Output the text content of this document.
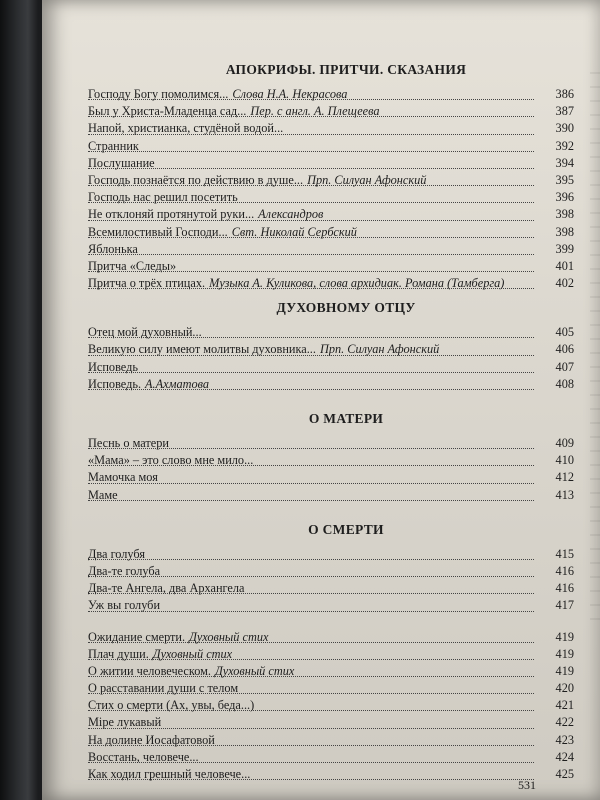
АПОКРИФЫ. ПРИТЧИ. СКАЗАНИЯ
Господу Богу помолимся... Слова Н.А. Некрасова	386
Был у Христа-Младенца сад... Пер. с англ. А. Плещеева	387
Напой, христианка, студёной водой...	390
Странник	392
Послушание	394
Господь познаётся по действию в душе... Прп. Силуан Афонский	395
Господь нас решил посетить	396
Не отклоняй протянутой руки... Александров	398
Всемилостивый Господи... Свт. Николай Сербский	398
Яблонька	399
Притча «Следы»	401
Притча о трёх птицах. Музыка А. Куликова, слова архидиак. Романа (Тамберга)	402
ДУХОВНОМУ ОТЦУ
Отец мой духовный...	405
Великую силу имеют молитвы духовника... Прп. Силуан Афонский	406
Исповедь	407
Исповедь. А.Ахматова	408
О МАТЕРИ
Песнь о матери	409
«Мама» – это слово мне мило...	410
Мамочка моя	412
Маме	413
О СМЕРТИ
Два голубя	415
Два-те голуба	416
Два-те Ангела, два Архангела	416
Уж вы голуби	417
Ожидание смерти. Духовный стих	419
Плач души. Духовный стих	419
О житии человеческом. Духовный стих	419
О расставании души с телом	420
Стих о смерти (Ах, увы, беда...)	421
Мiре лукавый	422
На долине Иосафатовой	423
Восстань, человече...	424
Как ходил грешный человече...	425
531
